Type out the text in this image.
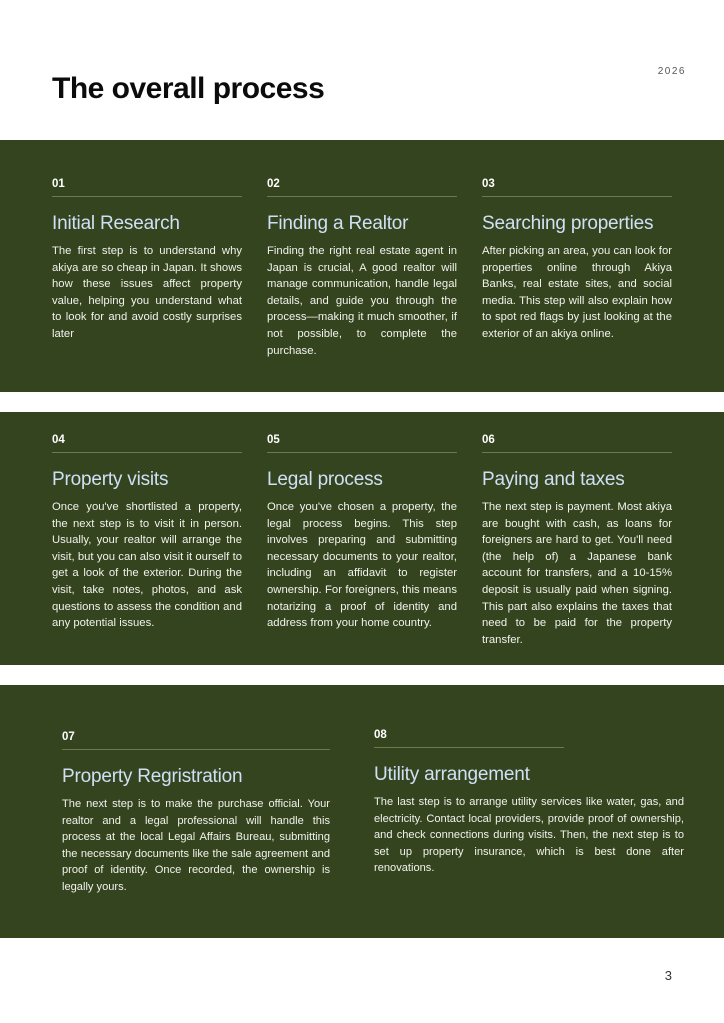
2026
The overall process
01
Initial Research

The first step is to understand why akiya are so cheap in Japan. It shows how these issues affect property value, helping you understand what to look for and avoid costly surprises later

02
Finding a Realtor

Finding the right real estate agent in Japan is crucial, A good realtor will manage communication, handle legal details, and guide you through the process—making it much smoother, if not possible, to complete the purchase.

03
Searching properties

After picking an area, you can look for properties online through Akiya Banks, real estate sites, and social media. This step will also explain how to spot red flags by just looking at the exterior of an akiya online.

04
Property visits

Once you've shortlisted a property, the next step is to visit it in person. Usually, your realtor will arrange the visit, but you can also visit it ourself to get a look of the exterior. During the visit, take notes, photos, and ask questions to assess the condition and any potential issues.

05
Legal process

Once you've chosen a property, the legal process begins. This step involves preparing and submitting necessary documents to your realtor, including an affidavit to register ownership. For foreigners, this means notarizing a proof of identity and address from your home country.

06
Paying and taxes

The next step is payment. Most akiya are bought with cash, as loans for foreigners are hard to get. You'll need (the help of) a Japanese bank account for transfers, and a 10-15% deposit is usually paid when signing. This part also explains the taxes that need to be paid for the property transfer.

07
Property Regristration

The next step is to make the purchase official. Your realtor and a legal professional will handle this process at the local Legal Affairs Bureau, submitting the necessary documents like the sale agreement and proof of identity. Once recorded, the ownership is legally yours.

08
Utility arrangement

The last step is to arrange utility services like water, gas, and electricity. Contact local providers, provide proof of ownership, and check connections during visits. Then, the next step is to set up property insurance, which is best done after renovations.

3
